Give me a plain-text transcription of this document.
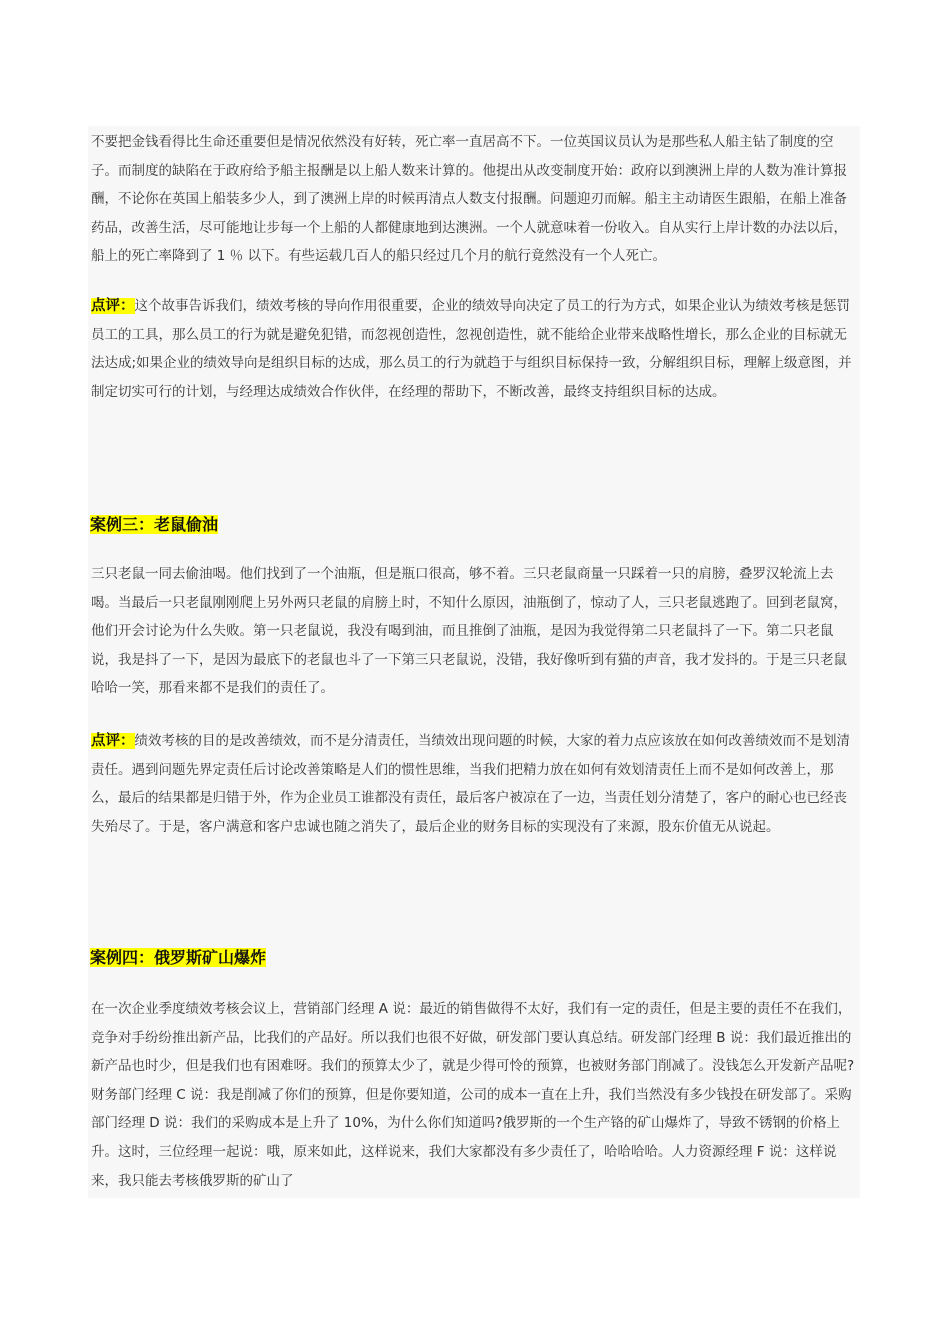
不要把金钱看得比生命还重要但是情况依然没有好转，死亡率一直居高不下。一位英国议员认为是那些私人船主钻了制度的空子。而制度的缺陷在于政府给予船主报酬是以上船人数来计算的。他提出从改变制度开始：政府以到澳洲上岸的人数为准计算报酬，不论你在英国上船装多少人，到了澳洲上岸的时候再清点人数支付报酬。问题迎刃而解。船主主动请医生跟船，在船上准备药品，改善生活，尽可能地让步每一个上船的人都健康地到达澳洲。一个人就意味着一份收入。自从实行上岸计数的办法以后，船上的死亡率降到了 1 ％ 以下。有些运载几百人的船只经过几个月的航行竟然没有一个人死亡。

点评：这个故事告诉我们，绩效考核的导向作用很重要，企业的绩效导向决定了员工的行为方式，如果企业认为绩效考核是惩罚员工的工具，那么员工的行为就是避免犯错，而忽视创造性，忽视创造性，就不能给企业带来战略性增长，那么企业的目标就无法达成;如果企业的绩效导向是组织目标的达成，那么员工的行为就趋于与组织目标保持一致，分解组织目标，理解上级意图，并制定切实可行的计划，与经理达成绩效合作伙伴，在经理的帮助下，不断改善，最终支持组织目标的达成。

案例三：老鼠偷油

三只老鼠一同去偷油喝。他们找到了一个油瓶，但是瓶口很高，够不着。三只老鼠商量一只踩着一只的肩膀，叠罗汉轮流上去喝。当最后一只老鼠刚刚爬上另外两只老鼠的肩膀上时，不知什么原因，油瓶倒了，惊动了人，三只老鼠逃跑了。回到老鼠窝，他们开会讨论为什么失败。第一只老鼠说，我没有喝到油，而且推倒了油瓶，是因为我觉得第二只老鼠抖了一下。第二只老鼠说，我是抖了一下，是因为最底下的老鼠也斗了一下第三只老鼠说，没错，我好像听到有猫的声音，我才发抖的。于是三只老鼠哈哈一笑，那看来都不是我们的责任了。

点评：绩效考核的目的是改善绩效，而不是分清责任，当绩效出现问题的时候，大家的着力点应该放在如何改善绩效而不是划清责任。遇到问题先界定责任后讨论改善策略是人们的惯性思维，当我们把精力放在如何有效划清责任上而不是如何改善上，那么，最后的结果都是归错于外，作为企业员工谁都没有责任，最后客户被凉在了一边，当责任划分清楚了，客户的耐心也已经丧失殆尽了。于是，客户满意和客户忠诚也随之消失了，最后企业的财务目标的实现没有了来源，股东价值无从说起。

案例四：俄罗斯矿山爆炸

在一次企业季度绩效考核会议上，营销部门经理 A 说：最近的销售做得不太好，我们有一定的责任，但是主要的责任不在我们，竞争对手纷纷推出新产品，比我们的产品好。所以我们也很不好做，研发部门要认真总结。研发部门经理 B 说：我们最近推出的新产品也时少，但是我们也有困难呀。我们的预算太少了，就是少得可怜的预算，也被财务部门削减了。没钱怎么开发新产品呢? 财务部门经理 C 说：我是削减了你们的预算，但是你要知道，公司的成本一直在上升，我们当然没有多少钱投在研发部了。采购部门经理 D 说：我们的采购成本是上升了 10%，为什么你们知道吗?俄罗斯的一个生产铬的矿山爆炸了，导致不锈钢的价格上升。这时，三位经理一起说：哦，原来如此，这样说来，我们大家都没有多少责任了，哈哈哈哈。人力资源经理 F 说：这样说来，我只能去考核俄罗斯的矿山了
